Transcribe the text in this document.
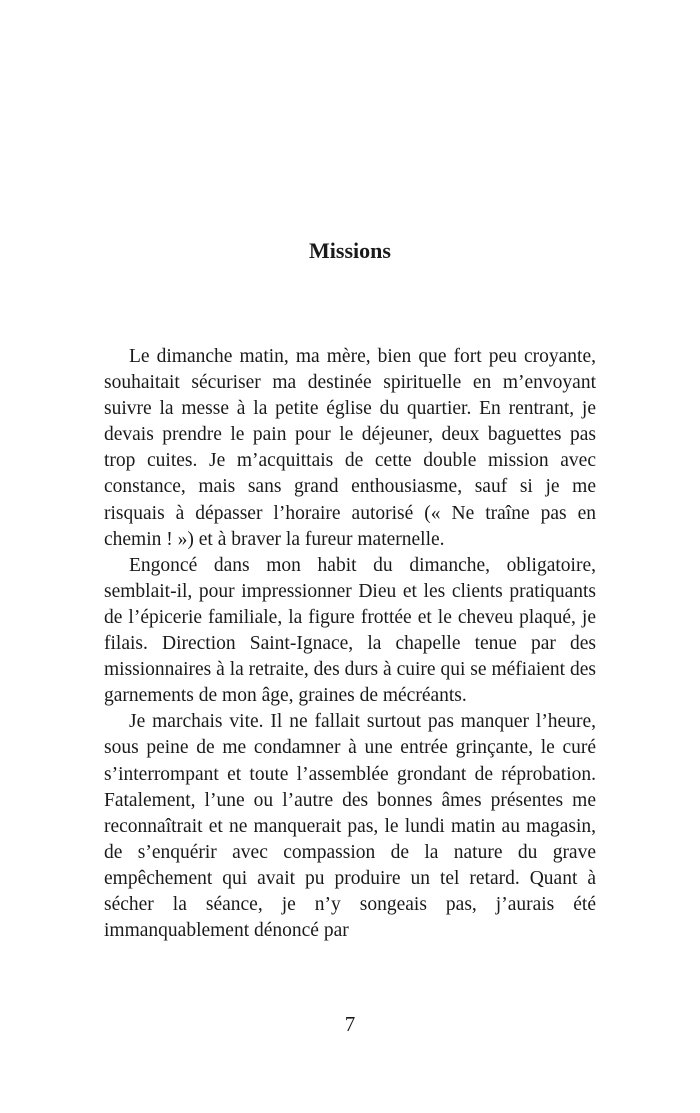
Missions

Le dimanche matin, ma mère, bien que fort peu croyante, souhaitait sécuriser ma destinée spirituelle en m’envoyant suivre la messe à la petite église du quartier. En rentrant, je devais prendre le pain pour le déjeuner, deux baguettes pas trop cuites. Je m’acquittais de cette double mission avec constance, mais sans grand enthousiasme, sauf si je me risquais à dépasser l’horaire autorisé (« Ne traîne pas en chemin ! ») et à braver la fureur maternelle.

Engoncé dans mon habit du dimanche, obligatoire, semblait-il, pour impressionner Dieu et les clients pratiquants de l’épicerie familiale, la figure frottée et le cheveu plaqué, je filais. Direction Saint-Ignace, la chapelle tenue par des missionnaires à la retraite, des durs à cuire qui se méfiaient des garnements de mon âge, graines de mécréants.

Je marchais vite. Il ne fallait surtout pas manquer l’heure, sous peine de me condamner à une entrée grinçante, le curé s’interrompant et toute l’assemblée grondant de réprobation. Fatalement, l’une ou l’autre des bonnes âmes présentes me reconnaîtrait et ne manquerait pas, le lundi matin au magasin, de s’enquérir avec compassion de la nature du grave empêchement qui avait pu produire un tel retard. Quant à sécher la séance, je n’y songeais pas, j’aurais été immanquablement dénoncé par

7
